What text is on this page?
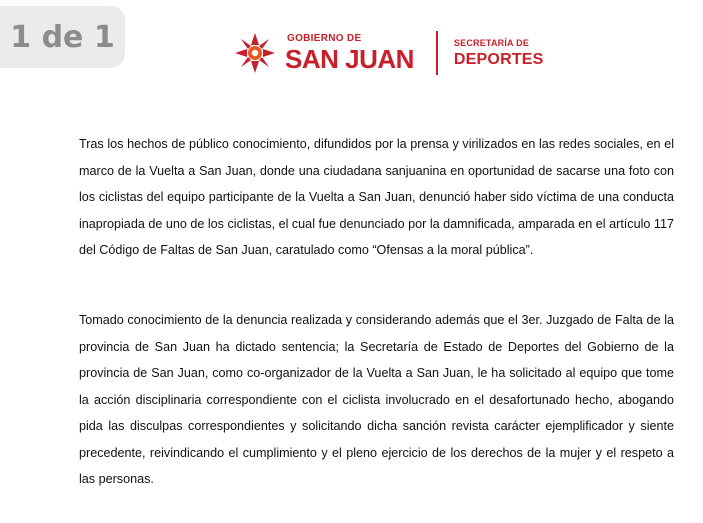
1 de 1	GOBIERNO DE
SAN JUAN
SECRETARÍA DE
DEPORTES

Tras los hechos de público conocimiento, difundidos por la prensa y virilizados en las redes sociales, en el marco de la Vuelta a San Juan, donde una ciudadana sanjuanina en oportunidad de sacarse una foto con los ciclistas del equipo participante de la Vuelta a San Juan, denunció haber sido víctima de una conducta inapropiada de uno de los ciclistas, el cual fue denunciado por la damnificada, amparada en el artículo 117 del Código de Faltas de San Juan, caratulado como “Ofensas a la moral pública”.

Tomado conocimiento de la denuncia realizada y considerando además que el 3er. Juzgado de Falta de la provincia de San Juan ha dictado sentencia; la Secretaría de Estado de Deportes del Gobierno de la provincia de San Juan, como co-organizador de la Vuelta a San Juan, le ha solicitado al equipo que tome la acción disciplinaria correspondiente con el ciclista involucrado en el desafortunado hecho, abogando pida las disculpas correspondientes y solicitando dicha sanción revista carácter ejemplificador y siente precedente, reivindicando el cumplimiento y el pleno ejercicio de los derechos de la mujer y el respeto a las personas.
